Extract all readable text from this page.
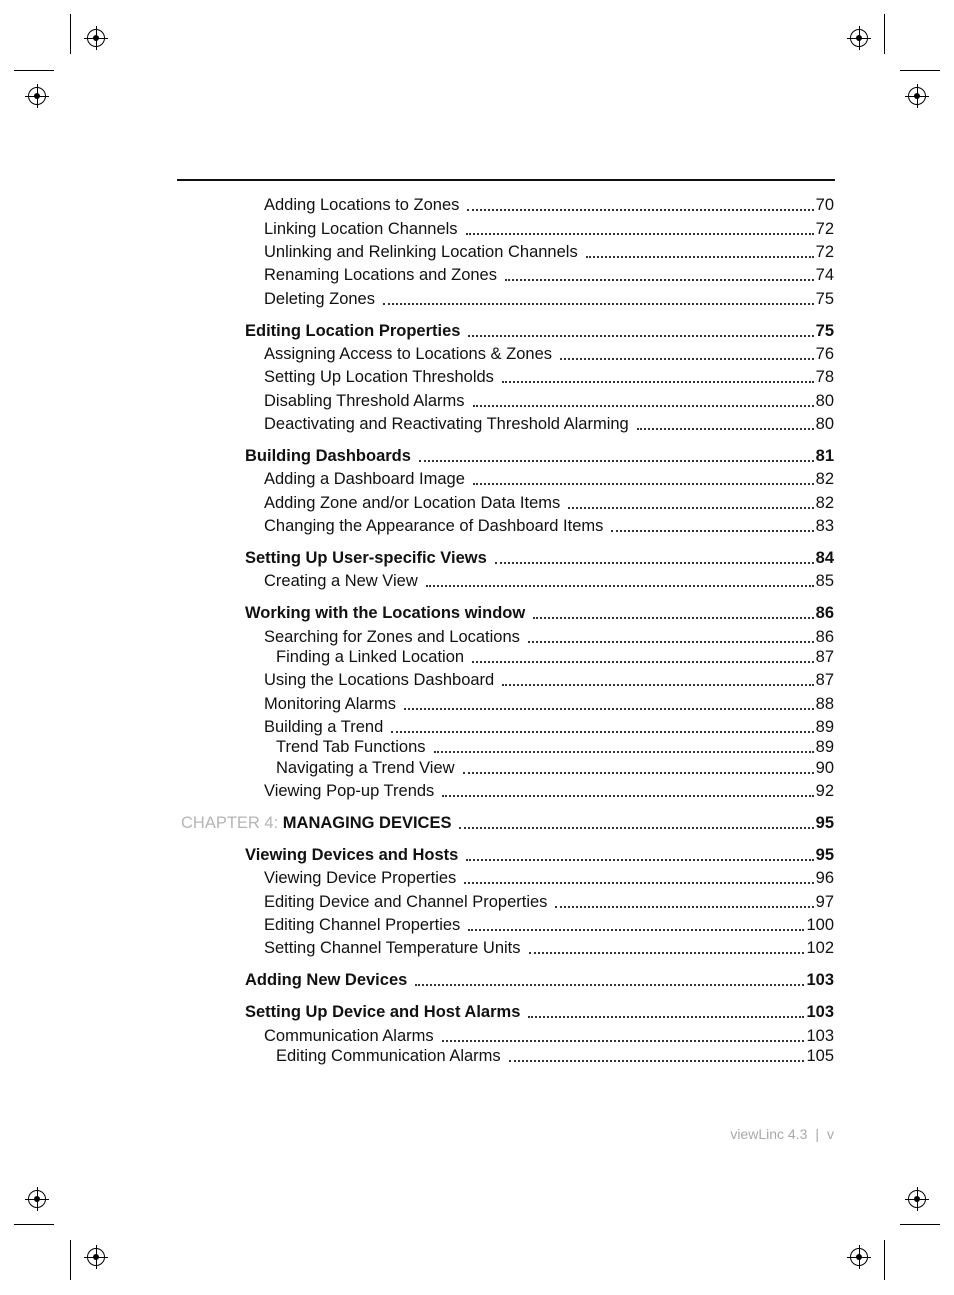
Adding Locations to Zones	70
Linking Location Channels	72
Unlinking and Relinking Location Channels	72
Renaming Locations and Zones	74
Deleting Zones	75
Editing Location Properties	75
Assigning Access to Locations & Zones	76
Setting Up Location Thresholds	78
Disabling Threshold Alarms	80
Deactivating and Reactivating Threshold Alarming	80
Building Dashboards	81
Adding a Dashboard Image	82
Adding Zone and/or Location Data Items	82
Changing the Appearance of Dashboard Items	83
Setting Up User-specific Views	84
Creating a New View	85
Working with the Locations window	86
Searching for Zones and Locations	86
Finding a Linked Location	87
Using the Locations Dashboard	87
Monitoring Alarms	88
Building a Trend	89
Trend Tab Functions	89
Navigating a Trend View	90
Viewing Pop-up Trends	92
CHAPTER 4: MANAGING DEVICES	95
Viewing Devices and Hosts	95
Viewing Device Properties	96
Editing Device and Channel Properties	97
Editing Channel Properties	100
Setting Channel Temperature Units	102
Adding New Devices	103
Setting Up Device and Host Alarms	103
Communication Alarms	103
Editing Communication Alarms	105
viewLinc 4.3 | v
